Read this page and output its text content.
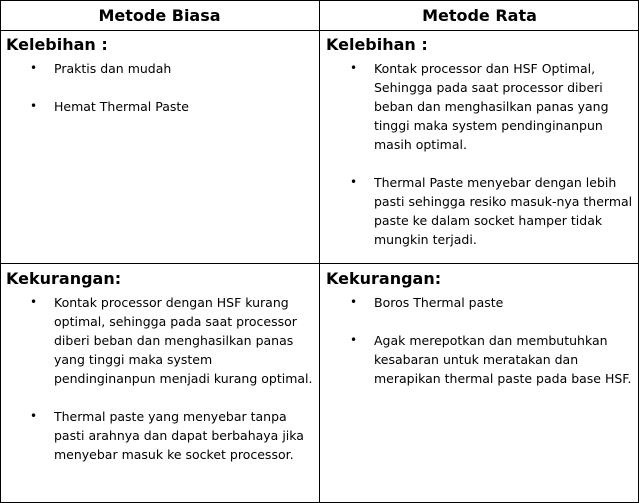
Metode Biasa	Metode Rata

Kelebihan :

• Praktis dan mudah
• Hemat Thermal Paste

Kelebihan :

• Kontak processor dan HSF Optimal, Sehingga pada saat processor diberi beban dan menghasilkan panas yang tinggi maka system pendinginanpun masih optimal.
• Thermal Paste menyebar dengan lebih pasti sehingga resiko masuk-nya thermal paste ke dalam socket hamper tidak mungkin terjadi.

Kekurangan:

• Kontak processor dengan HSF kurang optimal, sehingga pada saat processor diberi beban dan menghasilkan panas yang tinggi maka system pendinginanpun menjadi kurang optimal.
• Thermal paste yang menyebar tanpa pasti arahnya dan dapat berbahaya jika menyebar masuk ke socket processor.

Kekurangan:

• Boros Thermal paste
• Agak merepotkan dan membutuhkan kesabaran untuk meratakan dan merapikan thermal paste pada base HSF.
